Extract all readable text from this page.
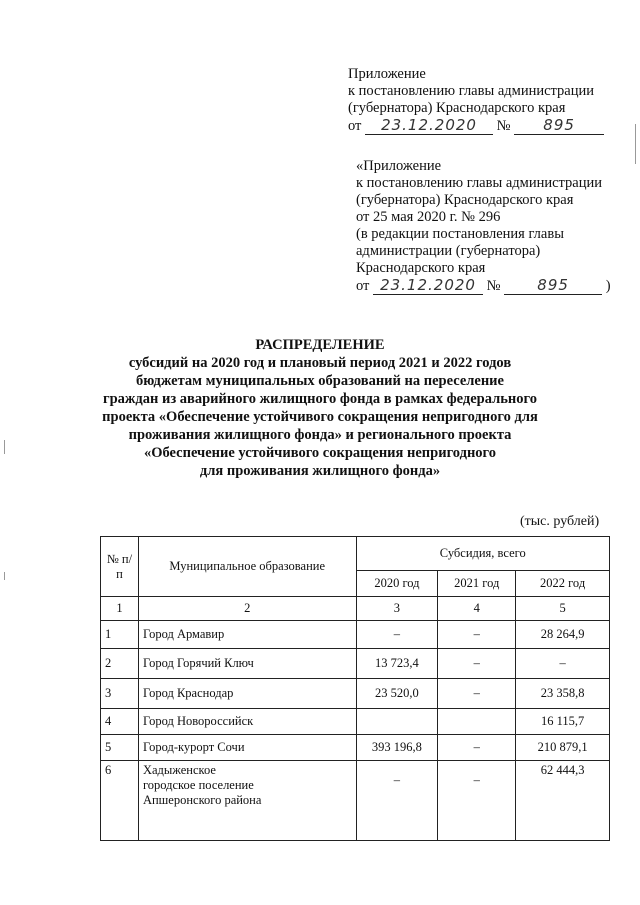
Приложение
к постановлению главы администрации
(губернатора) Краснодарского края
от 23.12.2020 № 895
«Приложение
к постановлению главы администрации
(губернатора) Краснодарского края
от 25 мая 2020 г. № 296
(в редакции постановления главы
администрации (губернатора)
Краснодарского края
от 23.12.2020 № 895	)
РАСПРЕДЕЛЕНИЕ
субсидий на 2020 год и плановый период 2021 и 2022 годов
бюджетам муниципальных образований на переселение
граждан из аварийного жилищного фонда в рамках федерального
проекта «Обеспечение устойчивого сокращения непригодного для
проживания жилищного фонда» и регионального проекта
«Обеспечение устойчивого сокращения непригодного
для проживания жилищного фонда»
(тыс. рублей)
№ п/п	Муниципальное образование	Субсидия, всего		
		2020 год	2021 год	2022 год
1	2	3	4	5
1	Город Армавир	–	–	28 264,9
2	Город Горячий Ключ	13 723,4	–	–
3	Город Краснодар	23 520,0	–	23 358,8
4	Город Новороссийск			16 115,7
5	Город-курорт Сочи	393 196,8	–	210 879,1
6	Хадыженское
городское поселение
Апшеронского района	–	–	62 444,3
